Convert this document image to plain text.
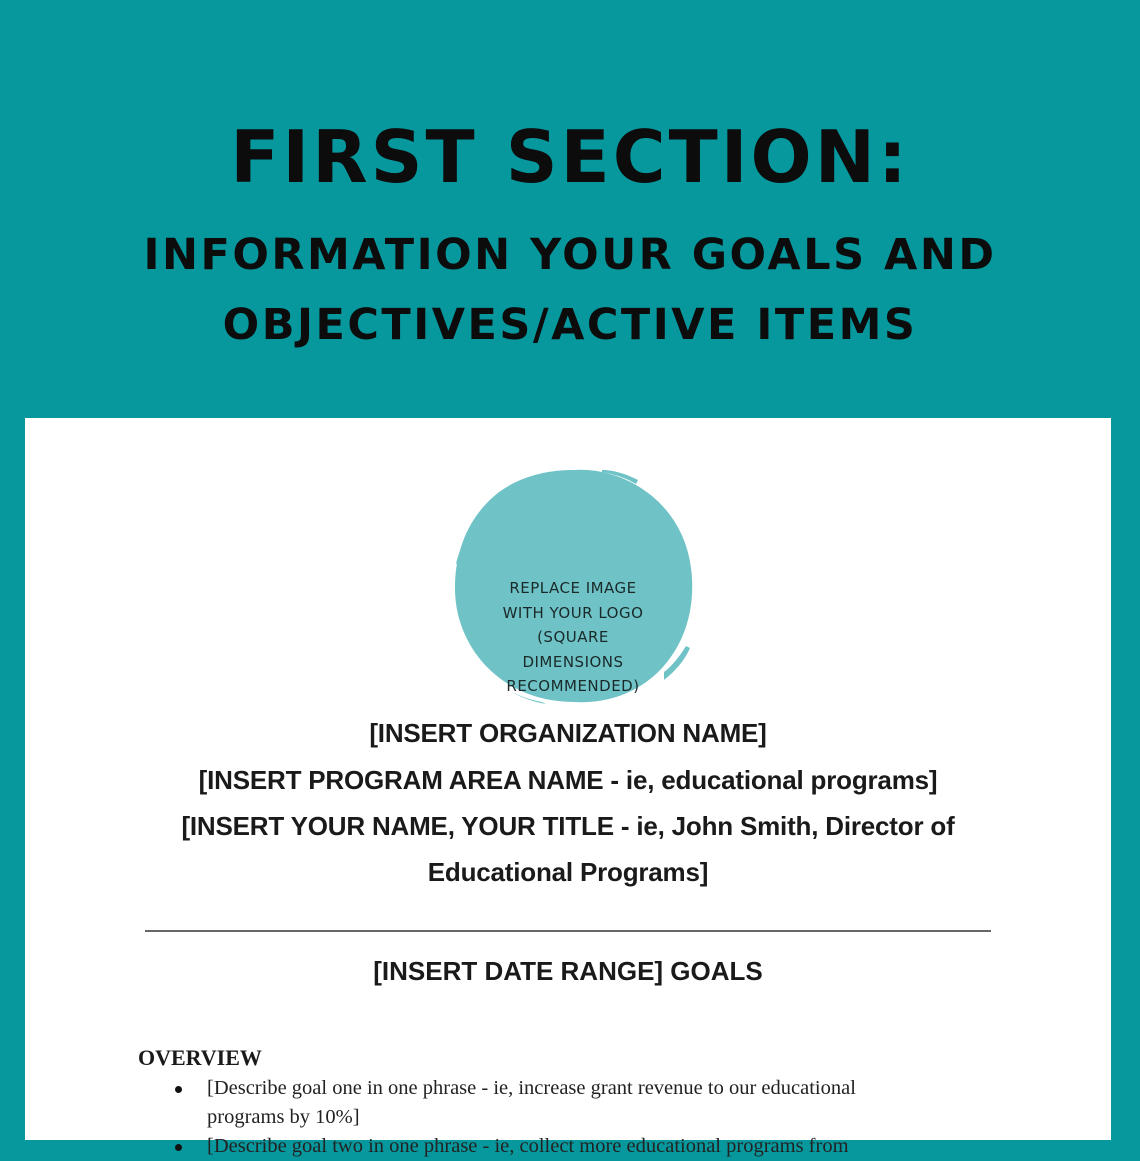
FIRST SECTION:
INFORMATION YOUR GOALS AND
OBJECTIVES/ACTIVE ITEMS
REPLACE IMAGE
WITH YOUR LOGO
(SQUARE
DIMENSIONS
RECOMMENDED)
[INSERT ORGANIZATION NAME]
[INSERT PROGRAM AREA NAME - ie, educational programs]
[INSERT YOUR NAME, YOUR TITLE - ie, John Smith, Director of
Educational Programs]
[INSERT DATE RANGE] GOALS
OVERVIEW
[Describe goal one in one phrase - ie, increase grant revenue to our educational
programs by 10%]
[Describe goal two in one phrase - ie, collect more educational programs from
